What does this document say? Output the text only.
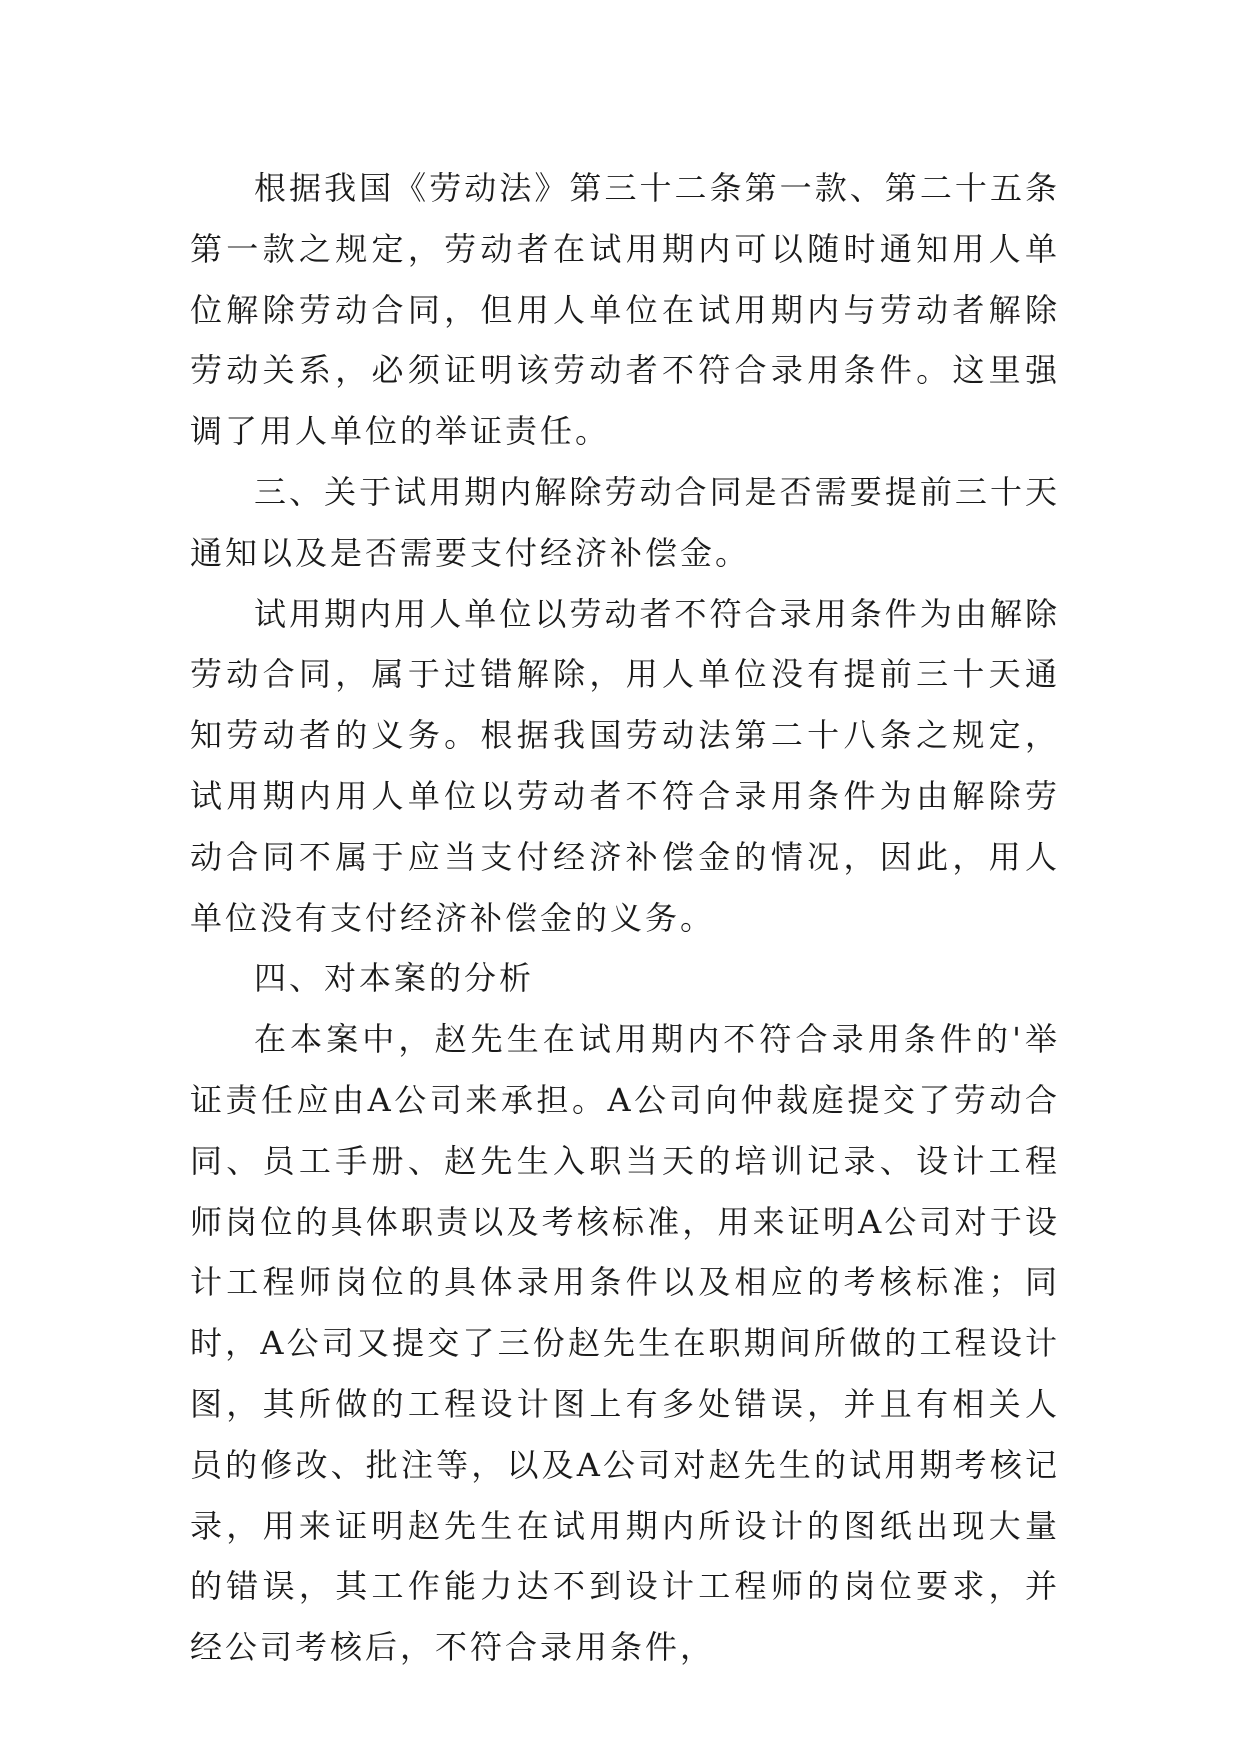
根据我国《劳动法》第三十二条第一款、第二十五条第一款之规定，劳动者在试用期内可以随时通知用人单位解除劳动合同，但用人单位在试用期内与劳动者解除劳动关系，必须证明该劳动者不符合录用条件。这里强调了用人单位的举证责任。

三、关于试用期内解除劳动合同是否需要提前三十天通知以及是否需要支付经济补偿金。

试用期内用人单位以劳动者不符合录用条件为由解除劳动合同，属于过错解除，用人单位没有提前三十天通知劳动者的义务。根据我国劳动法第二十八条之规定，试用期内用人单位以劳动者不符合录用条件为由解除劳动合同不属于应当支付经济补偿金的情况，因此，用人单位没有支付经济补偿金的义务。

四、对本案的分析

在本案中，赵先生在试用期内不符合录用条件的'举证责任应由A公司来承担。A公司向仲裁庭提交了劳动合同、员工手册、赵先生入职当天的培训记录、设计工程师岗位的具体职责以及考核标准，用来证明A公司对于设计工程师岗位的具体录用条件以及相应的考核标准；同时，A公司又提交了三份赵先生在职期间所做的工程设计图，其所做的工程设计图上有多处错误，并且有相关人员的修改、批注等，以及A公司对赵先生的试用期考核记录，用来证明赵先生在试用期内所设计的图纸出现大量的错误，其工作能力达不到设计工程师的岗位要求，并经公司考核后，不符合录用条件，
